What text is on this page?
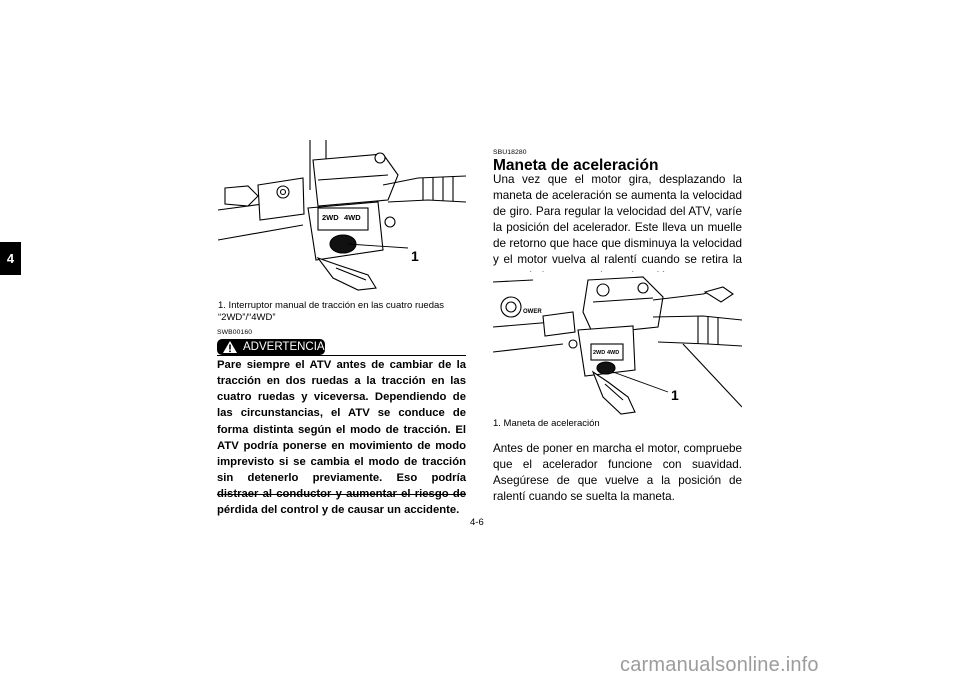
4
2WD 4WD
1
1. Interruptor manual de tracción en las cuatro ruedas “2WD”/“4WD”
SWB00160
ADVERTENCIA
Pare siempre el ATV antes de cambiar de la tracción en dos ruedas a la tracción en las cuatro ruedas y viceversa. Dependiendo de las circunstancias, el ATV se conduce de forma distinta según el modo de tracción. El ATV podría ponerse en movimiento de modo imprevisto si se cambia el modo de tracción sin detenerlo previamente. Eso podría distraer al conductor y aumentar el riesgo de pérdida del control y de causar un accidente.
SBU18280
Maneta de aceleración
Una vez que el motor gira, desplazando la maneta de aceleración se aumenta la velocidad de giro. Para regular la velocidad del ATV, varíe la posición del acelerador. Este lleva un muelle de retorno que hace que disminuya la velocidad y el motor vuelva al ralentí cuando se retira la
OWER
2WD 4WD
1
1. Maneta de aceleración
Antes de poner en marcha el motor, compruebe que el acelerador funcione con suavidad. Asegúrese de que vuelve a la posición de ralentí cuando se suelta la maneta.
4-6
carmanualsonline.info
